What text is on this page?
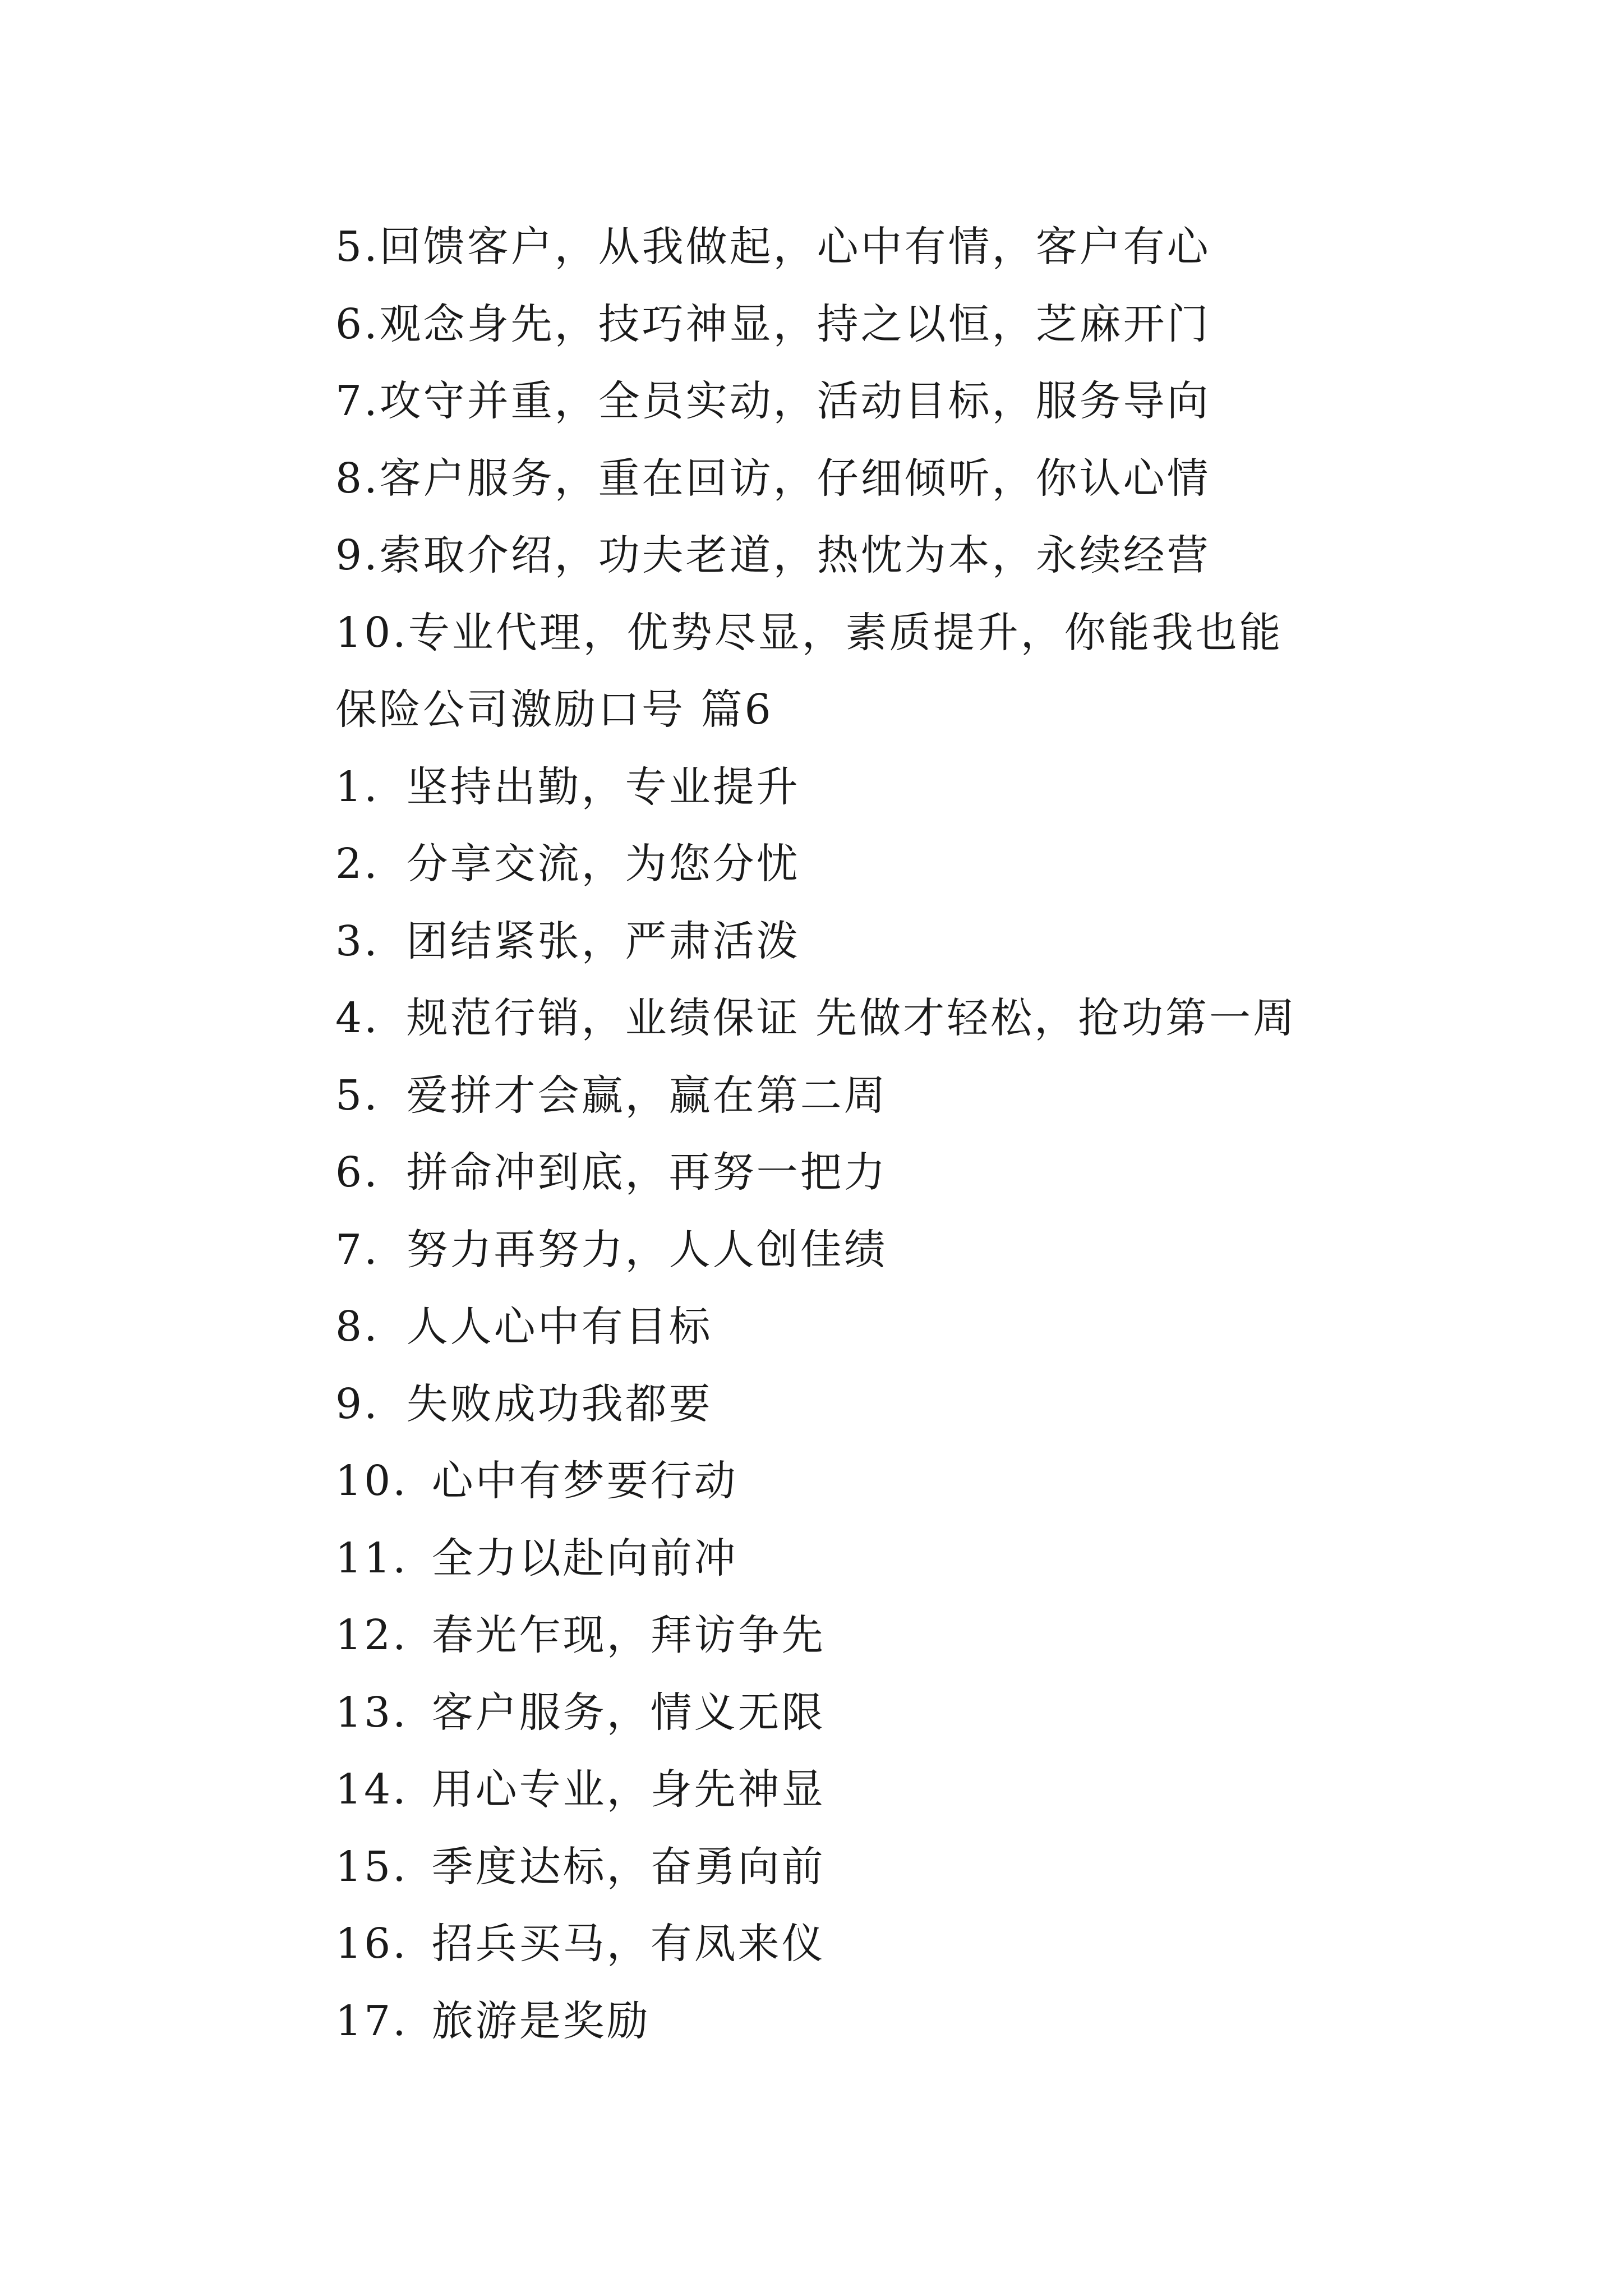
5.回馈客户，从我做起，心中有情，客户有心
6.观念身先，技巧神显，持之以恒，芝麻开门
7.攻守并重，全员实动，活动目标，服务导向
8.客户服务，重在回访，仔细倾听，你认心情
9.索取介绍，功夫老道，热忱为本，永续经营
10.专业代理，优势尽显，素质提升，你能我也能
保险公司激励口号 篇6
1. 坚持出勤，专业提升
2. 分享交流，为您分忧
3. 团结紧张，严肃活泼
4. 规范行销，业绩保证 先做才轻松，抢功第一周
5. 爱拼才会赢，赢在第二周
6. 拼命冲到底，再努一把力
7. 努力再努力，人人创佳绩
8. 人人心中有目标
9. 失败成功我都要
10. 心中有梦要行动
11. 全力以赴向前冲
12. 春光乍现，拜访争先
13. 客户服务，情义无限
14. 用心专业，身先神显
15. 季度达标，奋勇向前
16. 招兵买马，有凤来仪
17. 旅游是奖励
